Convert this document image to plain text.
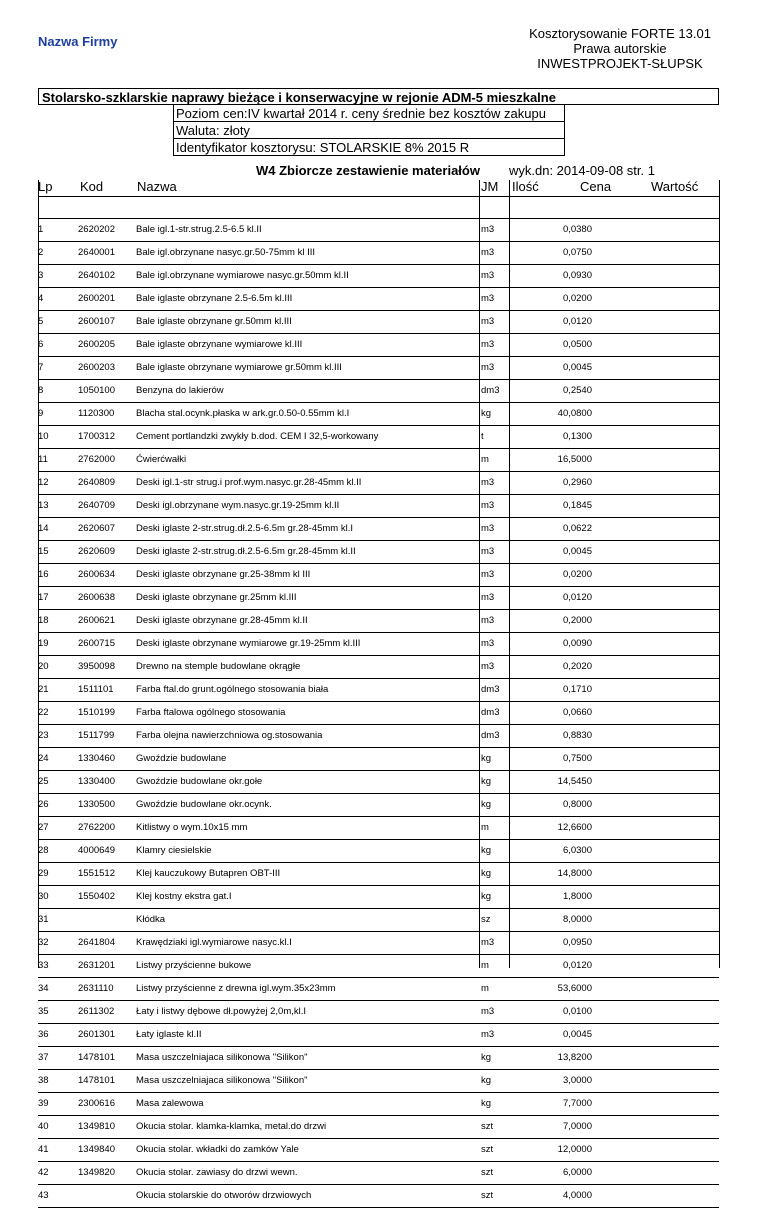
Nazwa Firmy
Kosztorysowanie FORTE 13.01
Prawa autorskie
INWESTPROJEKT-SŁUPSK
Stolarsko-szklarskie naprawy bieżące i konserwacyjne w rejonie ADM-5 mieszkalne
Poziom cen:IV kwartał 2014 r. ceny średnie bez kosztów zakupu
Waluta: złoty
Identyfikator kosztorysu: STOLARSKIE 8% 2015 R
W4 Zbiorcze zestawienie materiałów wyk.dn: 2014-09-08 str. 1
Lp Kod	Nazwa	JM Ilość	Cena	Wartość
1	2620202 Bale igl.1-str.strug.2.5-6.5 kl.II	m3	0,0380
2	2640001 Bale igl.obrzynane nasyc.gr.50-75mm kl III	m3	0,0750
3	2640102 Bale igl.obrzynane wymiarowe nasyc.gr.50mm kl.II	m3	0,0930
4	2600201 Bale iglaste obrzynane 2.5-6.5m kl.III	m3	0,0200
5	2600107 Bale iglaste obrzynane gr.50mm kl.III	m3	0,0120
6	2600205 Bale iglaste obrzynane wymiarowe kl.III	m3	0,0500
7	2600203 Bale iglaste obrzynane wymiarowe gr.50mm kl.III	m3	0,0045
8	1050100 Benzyna do lakierów	dm3	0,2540
9	1120300 Blacha stal.ocynk.płaska w ark.gr.0.50-0.55mm kl.I	kg	40,0800
10	1700312 Cement portlandzki zwykły b.dod. CEM I 32,5-workowany	t	0,1300
11	2762000 Ćwierćwałki	m	16,5000
12	2640809 Deski igl.1-str strug.i prof.wym.nasyc.gr.28-45mm kl.II	m3	0,2960
13	2640709 Deski igl.obrzynane wym.nasyc.gr.19-25mm kl.II	m3	0,1845
14	2620607 Deski iglaste 2-str.strug.dł.2.5-6.5m gr.28-45mm kl.I	m3	0,0622
15	2620609 Deski iglaste 2-str.strug.dł.2.5-6.5m gr.28-45mm kl.II	m3	0,0045
16	2600634 Deski iglaste obrzynane gr.25-38mm kl III	m3	0,0200
17	2600638 Deski iglaste obrzynane gr.25mm kl.III	m3	0,0120
18	2600621 Deski iglaste obrzynane gr.28-45mm kl.II	m3	0,2000
19	2600715 Deski iglaste obrzynane wymiarowe gr.19-25mm kl.III	m3	0,0090
20	3950098 Drewno na stemple budowlane okrągłe	m3	0,2020
21	1511101 Farba ftal.do grunt.ogólnego stosowania biała	dm3	0,1710
22	1510199 Farba ftalowa ogólnego stosowania	dm3	0,0660
23	1511799 Farba olejna nawierzchniowa og.stosowania	dm3	0,8830
24	1330460 Gwoździe budowlane	kg	0,7500
25	1330400 Gwoździe budowlane okr.gołe	kg	14,5450
26	1330500 Gwoździe budowlane okr.ocynk.	kg	0,8000
27	2762200 Kitlistwy o wym.10x15 mm	m	12,6600
28	4000649 Klamry ciesielskie	kg	6,0300
29	1551512 Klej kauczukowy Butapren OBT-III	kg	14,8000
30	1550402 Klej kostny ekstra gat.I	kg	1,8000
31	Kłódka	sz	8,0000
32	2641804 Krawędziaki igl.wymiarowe nasyc.kl.I	m3	0,0950
33	2631201 Listwy przyścienne bukowe	m	0,0120
34	2631110 Listwy przyścienne z drewna igl.wym.35x23mm	m	53,6000
35	2611302 Łaty i listwy dębowe dł.powyżej 2,0m,kl.I	m3	0,0100
36	2601301 Łaty iglaste kl.II	m3	0,0045
37	1478101 Masa uszczelniajaca silikonowa "Silikon"	kg	13,8200
38	1478101 Masa uszczelniajaca silikonowa "Silikon"	kg	3,0000
39	2300616 Masa zalewowa	kg	7,7000
40	1349810 Okucia stolar. klamka-klamka, metal.do drzwi	szt	7,0000
41	1349840 Okucia stolar. wkładki do zamków Yale	szt	12,0000
42	1349820 Okucia stolar. zawiasy do drzwi wewn.	szt	6,0000
43	Okucia stolarskie do otworów drzwiowych	szt	4,0000
